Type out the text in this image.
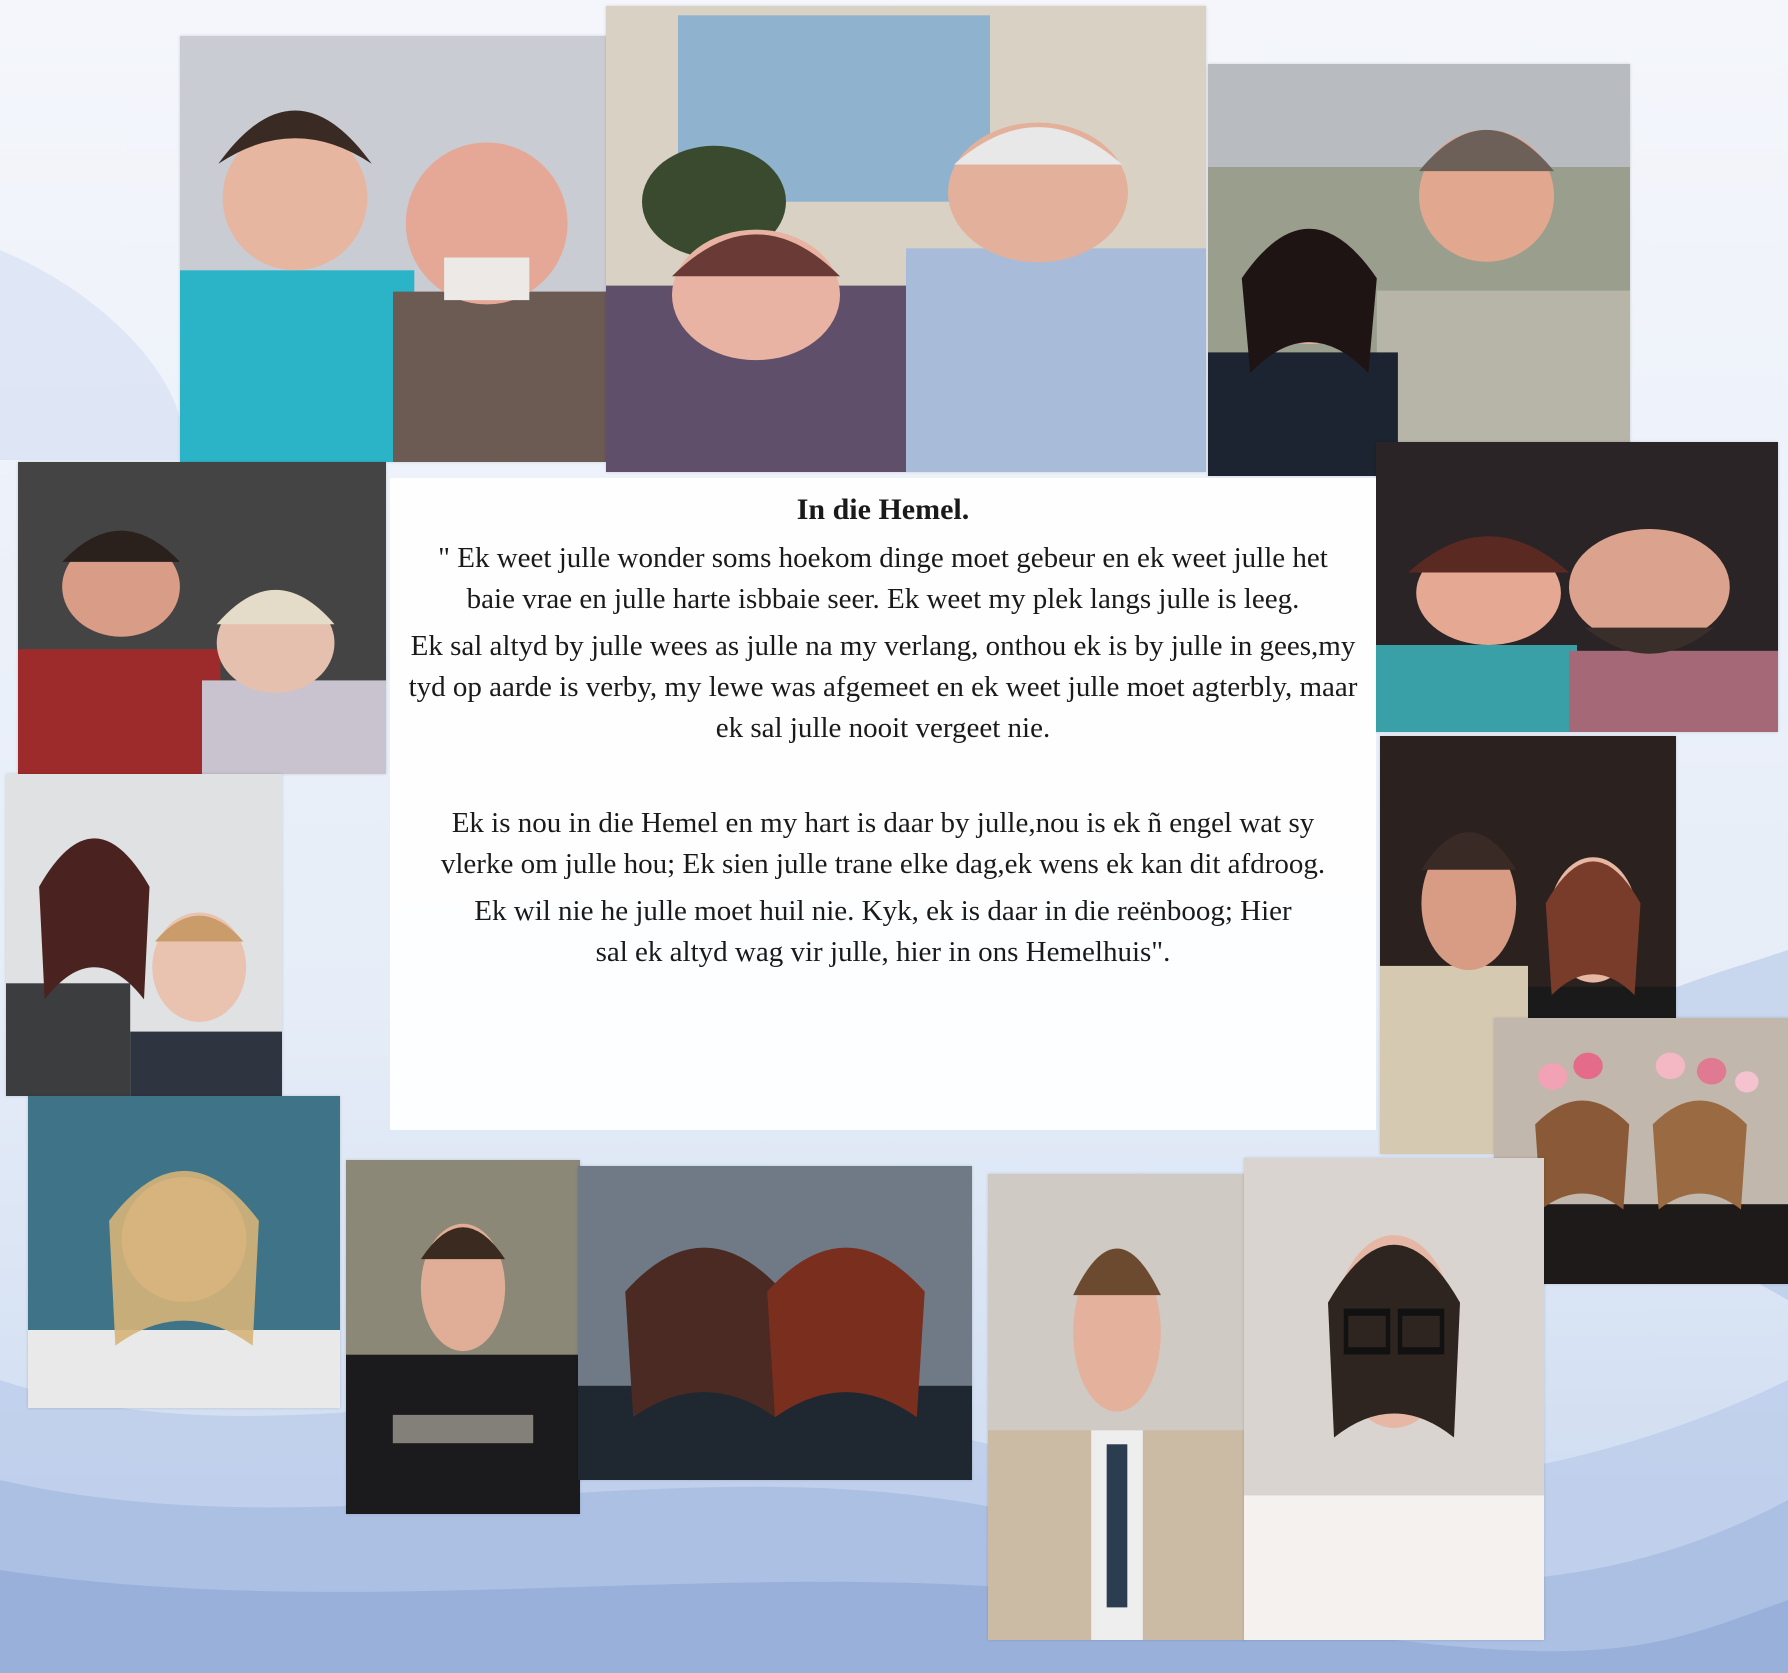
In die Hemel.

" Ek weet julle wonder soms hoekom dinge moet gebeur en ek weet julle het baie vrae en julle harte isbbaie seer. Ek weet my plek langs julle is leeg.

Ek sal altyd by julle wees as julle na my verlang, onthou ek is by julle in gees,my tyd op aarde is verby, my lewe was afgemeet en ek weet julle moet agterbly, maar ek sal julle nooit vergeet nie.

Ek is nou in die Hemel en my hart is daar by julle,nou is ek ñ engel wat sy vlerke om julle hou; Ek sien julle trane elke dag,ek wens ek kan dit afdroog.

Ek wil nie he julle moet huil nie. Kyk, ek is daar in die reënboog; Hier sal ek altyd wag vir julle, hier in ons Hemelhuis".
